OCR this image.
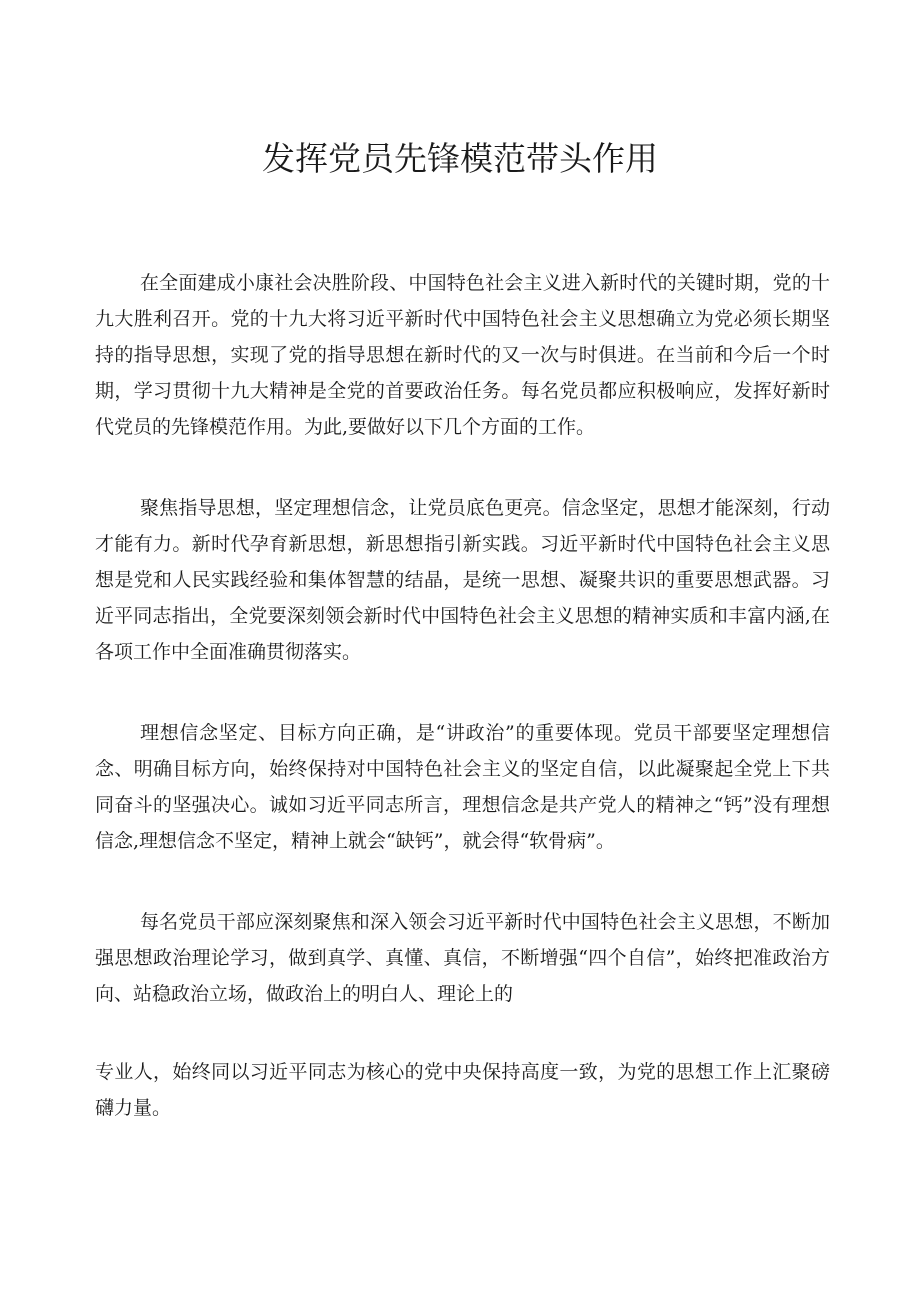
发挥党员先锋模范带头作用

在全面建成小康社会决胜阶段、中国特色社会主义进入新时代的关键时期，党的十九大胜利召开。党的十九大将习近平新时代中国特色社会主义思想确立为党必须长期坚持的指导思想，实现了党的指导思想在新时代的又一次与时俱进。在当前和今后一个时期，学习贯彻十九大精神是全党的首要政治任务。每名党员都应积极响应，发挥好新时代党员的先锋模范作用。为此,要做好以下几个方面的工作。

聚焦指导思想，坚定理想信念，让党员底色更亮。信念坚定，思想才能深刻，行动才能有力。新时代孕育新思想，新思想指引新实践。习近平新时代中国特色社会主义思想是党和人民实践经验和集体智慧的结晶，是统一思想、凝聚共识的重要思想武器。习近平同志指出，全党要深刻领会新时代中国特色社会主义思想的精神实质和丰富内涵,在各项工作中全面准确贯彻落实。

理想信念坚定、目标方向正确，是“讲政治”的重要体现。党员干部要坚定理想信念、明确目标方向，始终保持对中国特色社会主义的坚定自信，以此凝聚起全党上下共同奋斗的坚强决心。诚如习近平同志所言，理想信念是共产党人的精神之“钙”没有理想信念,理想信念不坚定，精神上就会“缺钙”，就会得“软骨病”。

每名党员干部应深刻聚焦和深入领会习近平新时代中国特色社会主义思想，不断加强思想政治理论学习，做到真学、真懂、真信，不断增强“四个自信”，始终把准政治方向、站稳政治立场，做政治上的明白人、理论上的

专业人，始终同以习近平同志为核心的党中央保持高度一致，为党的思想工作上汇聚磅礴力量。
